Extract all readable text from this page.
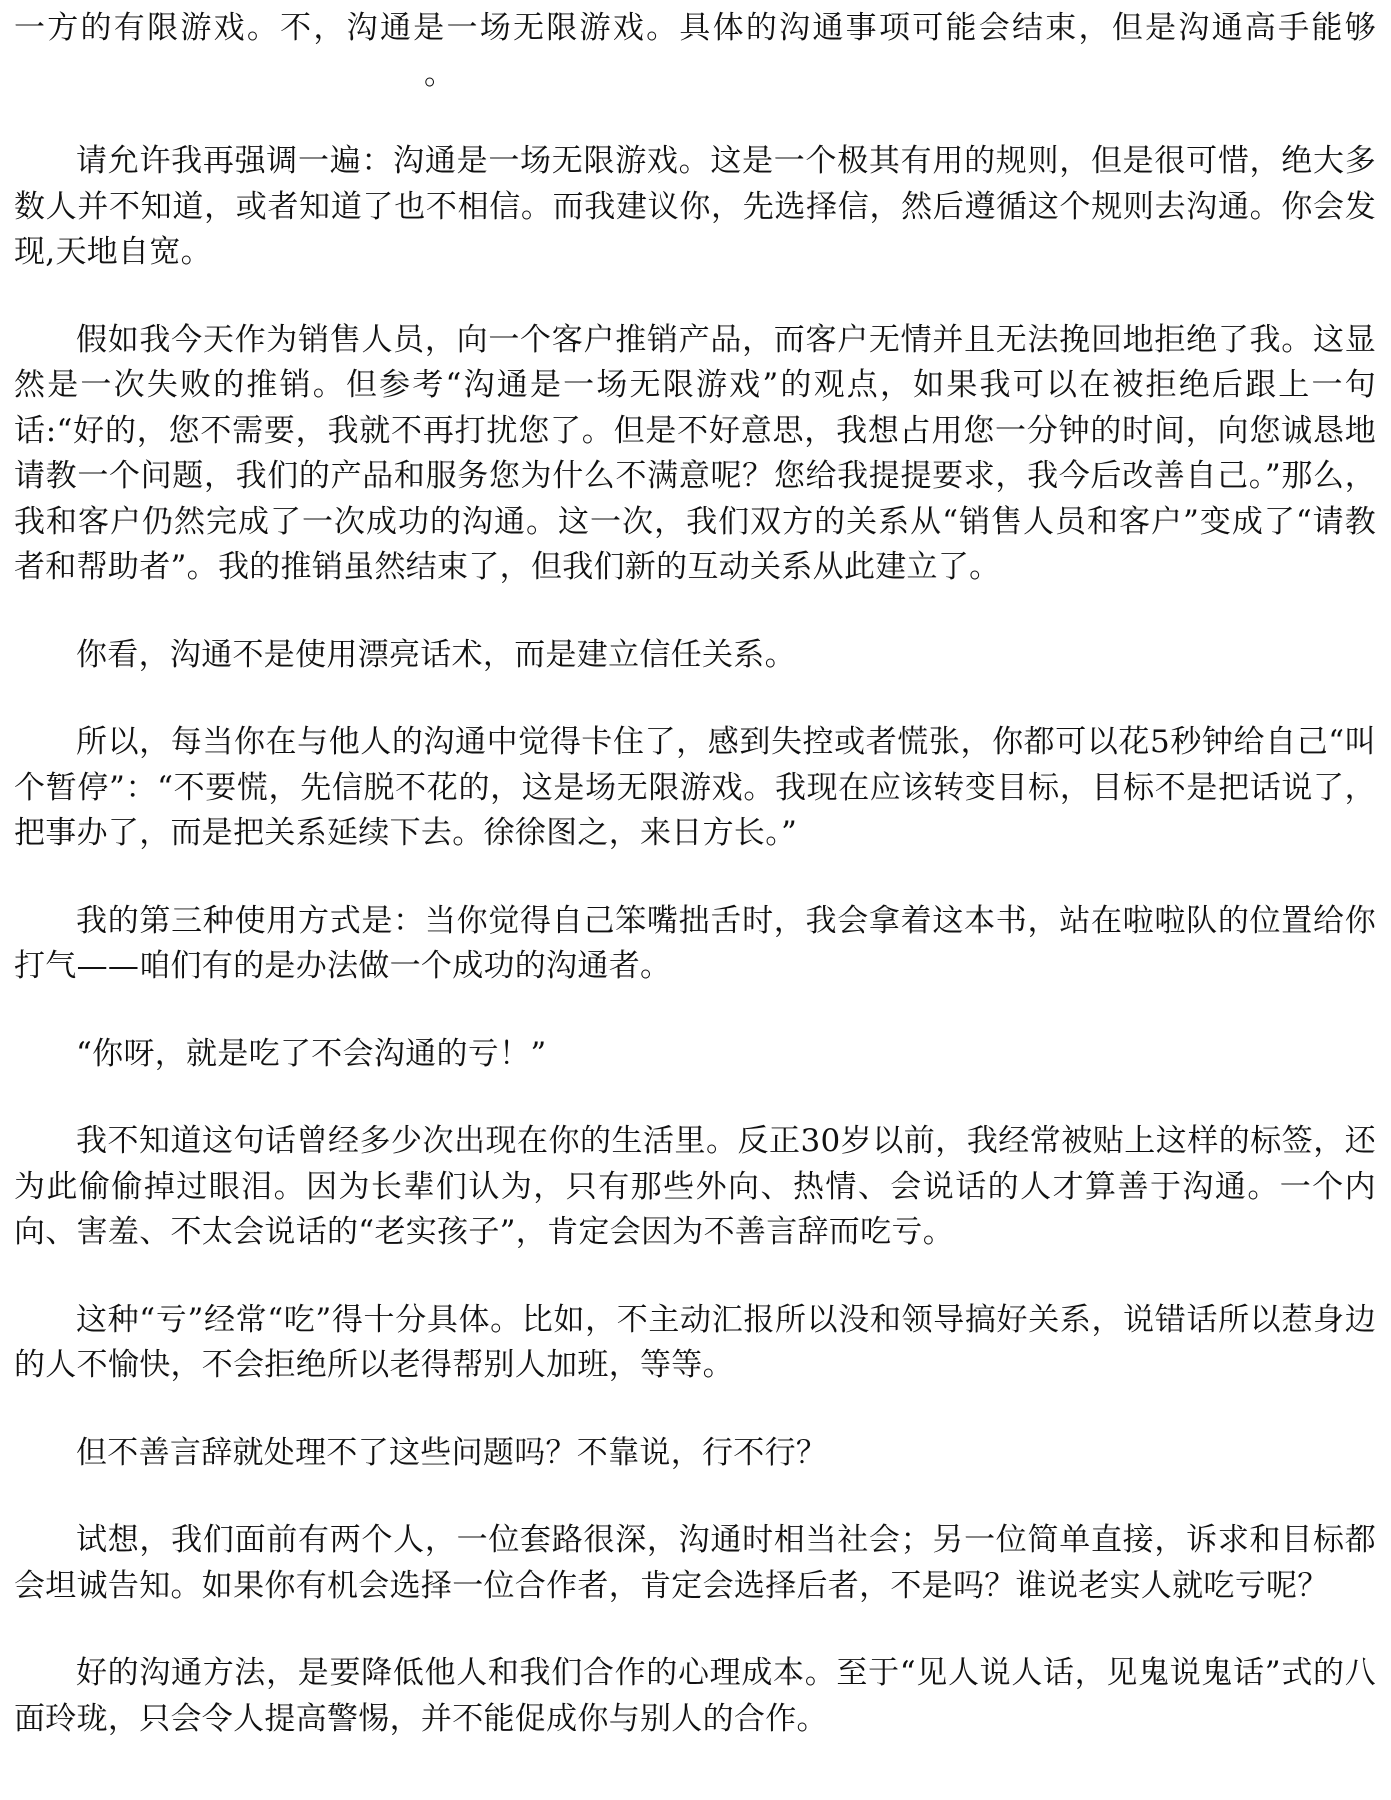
一方的有限游戏。不，沟通是一场无限游戏。具体的沟通事项可能会结束，但是沟通高手能够。

请允许我再强调一遍：沟通是一场无限游戏。这是一个极其有用的规则，但是很可惜，绝大多数人并不知道，或者知道了也不相信。而我建议你，先选择信，然后遵循这个规则去沟通。你会发现,天地自宽。

假如我今天作为销售人员，向一个客户推销产品，而客户无情并且无法挽回地拒绝了我。这显然是一次失败的推销。但参考“沟通是一场无限游戏”的观点，如果我可以在被拒绝后跟上一句话:“好的，您不需要，我就不再打扰您了。但是不好意思，我想占用您一分钟的时间，向您诚恳地请教一个问题，我们的产品和服务您为什么不满意呢？您给我提提要求，我今后改善自己。”那么，我和客户仍然完成了一次成功的沟通。这一次，我们双方的关系从“销售人员和客户”变成了“请教者和帮助者”。我的推销虽然结束了，但我们新的互动关系从此建立了。

你看，沟通不是使用漂亮话术，而是建立信任关系。

所以，每当你在与他人的沟通中觉得卡住了，感到失控或者慌张，你都可以花5秒钟给自己“叫个暂停”：“不要慌，先信脱不花的，这是场无限游戏。我现在应该转变目标，目标不是把话说了，把事办了，而是把关系延续下去。徐徐图之，来日方长。”

我的第三种使用方式是：当你觉得自己笨嘴拙舌时，我会拿着这本书，站在啦啦队的位置给你打气——咱们有的是办法做一个成功的沟通者。

“你呀，就是吃了不会沟通的亏！”

我不知道这句话曾经多少次出现在你的生活里。反正30岁以前，我经常被贴上这样的标签，还为此偷偷掉过眼泪。因为长辈们认为，只有那些外向、热情、会说话的人才算善于沟通。一个内向、害羞、不太会说话的“老实孩子”，肯定会因为不善言辞而吃亏。

这种“亏”经常“吃”得十分具体。比如，不主动汇报所以没和领导搞好关系，说错话所以惹身边的人不愉快，不会拒绝所以老得帮别人加班，等等。

但不善言辞就处理不了这些问题吗？不靠说，行不行？

试想，我们面前有两个人，一位套路很深，沟通时相当社会；另一位简单直接，诉求和目标都会坦诚告知。如果你有机会选择一位合作者，肯定会选择后者，不是吗？谁说老实人就吃亏呢？

好的沟通方法，是要降低他人和我们合作的心理成本。至于“见人说人话，见鬼说鬼话”式的八面玲珑，只会令人提高警惕，并不能促成你与别人的合作。
